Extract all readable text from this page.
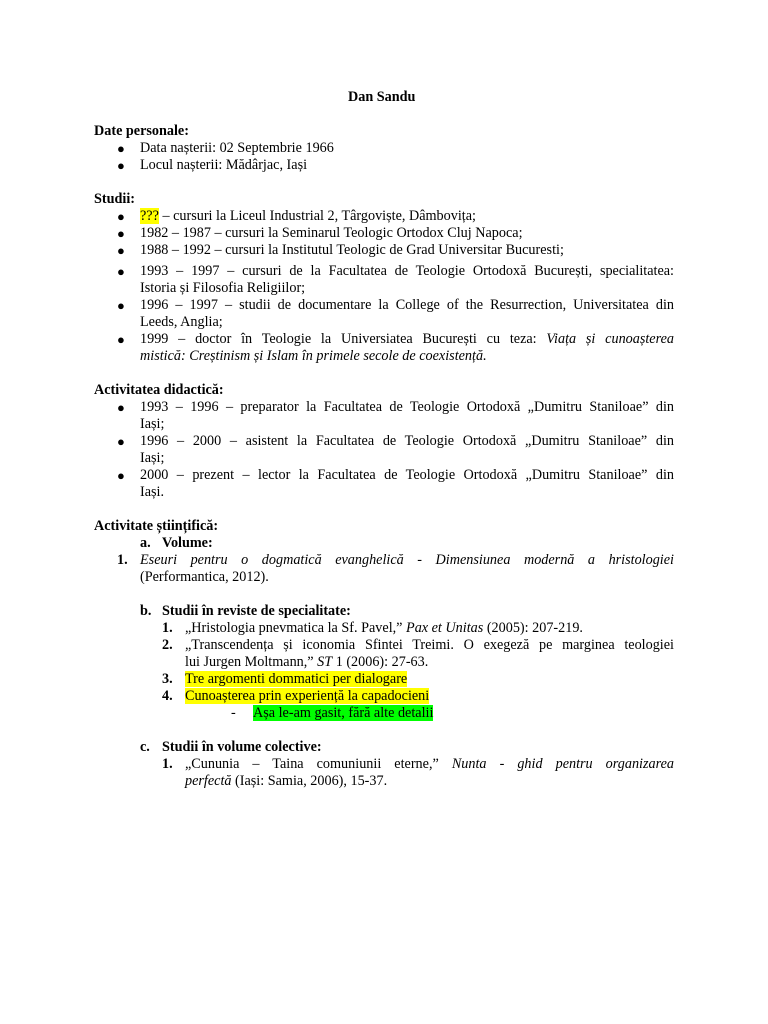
Dan Sandu
Date personale:
● Data nașterii: 02 Septembrie 1966
● Locul nașterii: Mădârjac, Iași
Studii:
● ??? – cursuri la Liceul Industrial 2, Târgoviște, Dâmbovița;
● 1982 – 1987 – cursuri la Seminarul Teologic Ortodox Cluj Napoca;
● 1988 – 1992 – cursuri la Institutul Teologic de Grad Universitar Bucuresti;
● 1993 – 1997 – cursuri de la Facultatea de Teologie Ortodoxă București, specialitatea:
Istoria și Filosofia Religiilor;
● 1996 – 1997 – studii de documentare la College of the Resurrection, Universitatea din
Leeds, Anglia;
● 1999 – doctor în Teologie la Universiatea București cu teza: Viața și cunoașterea
mistică: Creștinism și Islam în primele secole de coexistență.
Activitatea didactică:
● 1993 – 1996 – preparator la Facultatea de Teologie Ortodoxă „Dumitru Staniloae” din
Iași;
● 1996 – 2000 – asistent la Facultatea de Teologie Ortodoxă „Dumitru Staniloae” din
Iași;
● 2000 – prezent – lector la Facultatea de Teologie Ortodoxă „Dumitru Staniloae” din
Iași.
Activitate științifică:
a. Volume:
1. Eseuri pentru o dogmatică evanghelică - Dimensiunea modernă a hristologiei
(Performantica, 2012).
b. Studii în reviste de specialitate:
1. „Hristologia pnevmatica la Sf. Pavel,” Pax et Unitas (2005): 207-219.
2. „Transcendența și iconomia Sfintei Treimi. O exegeză pe marginea teologiei
lui Jurgen Moltmann,” ST 1 (2006): 27-63.
3. Tre argomenti dommatici per dialogare
4. Cunoașterea prin experiență la capadocieni
- Așa le-am gasit, fără alte detalii
c. Studii în volume colective:
1. „Cununia – Taina comuniunii eterne,” Nunta - ghid pentru organizarea
perfectă (Iași: Samia, 2006), 15-37.
